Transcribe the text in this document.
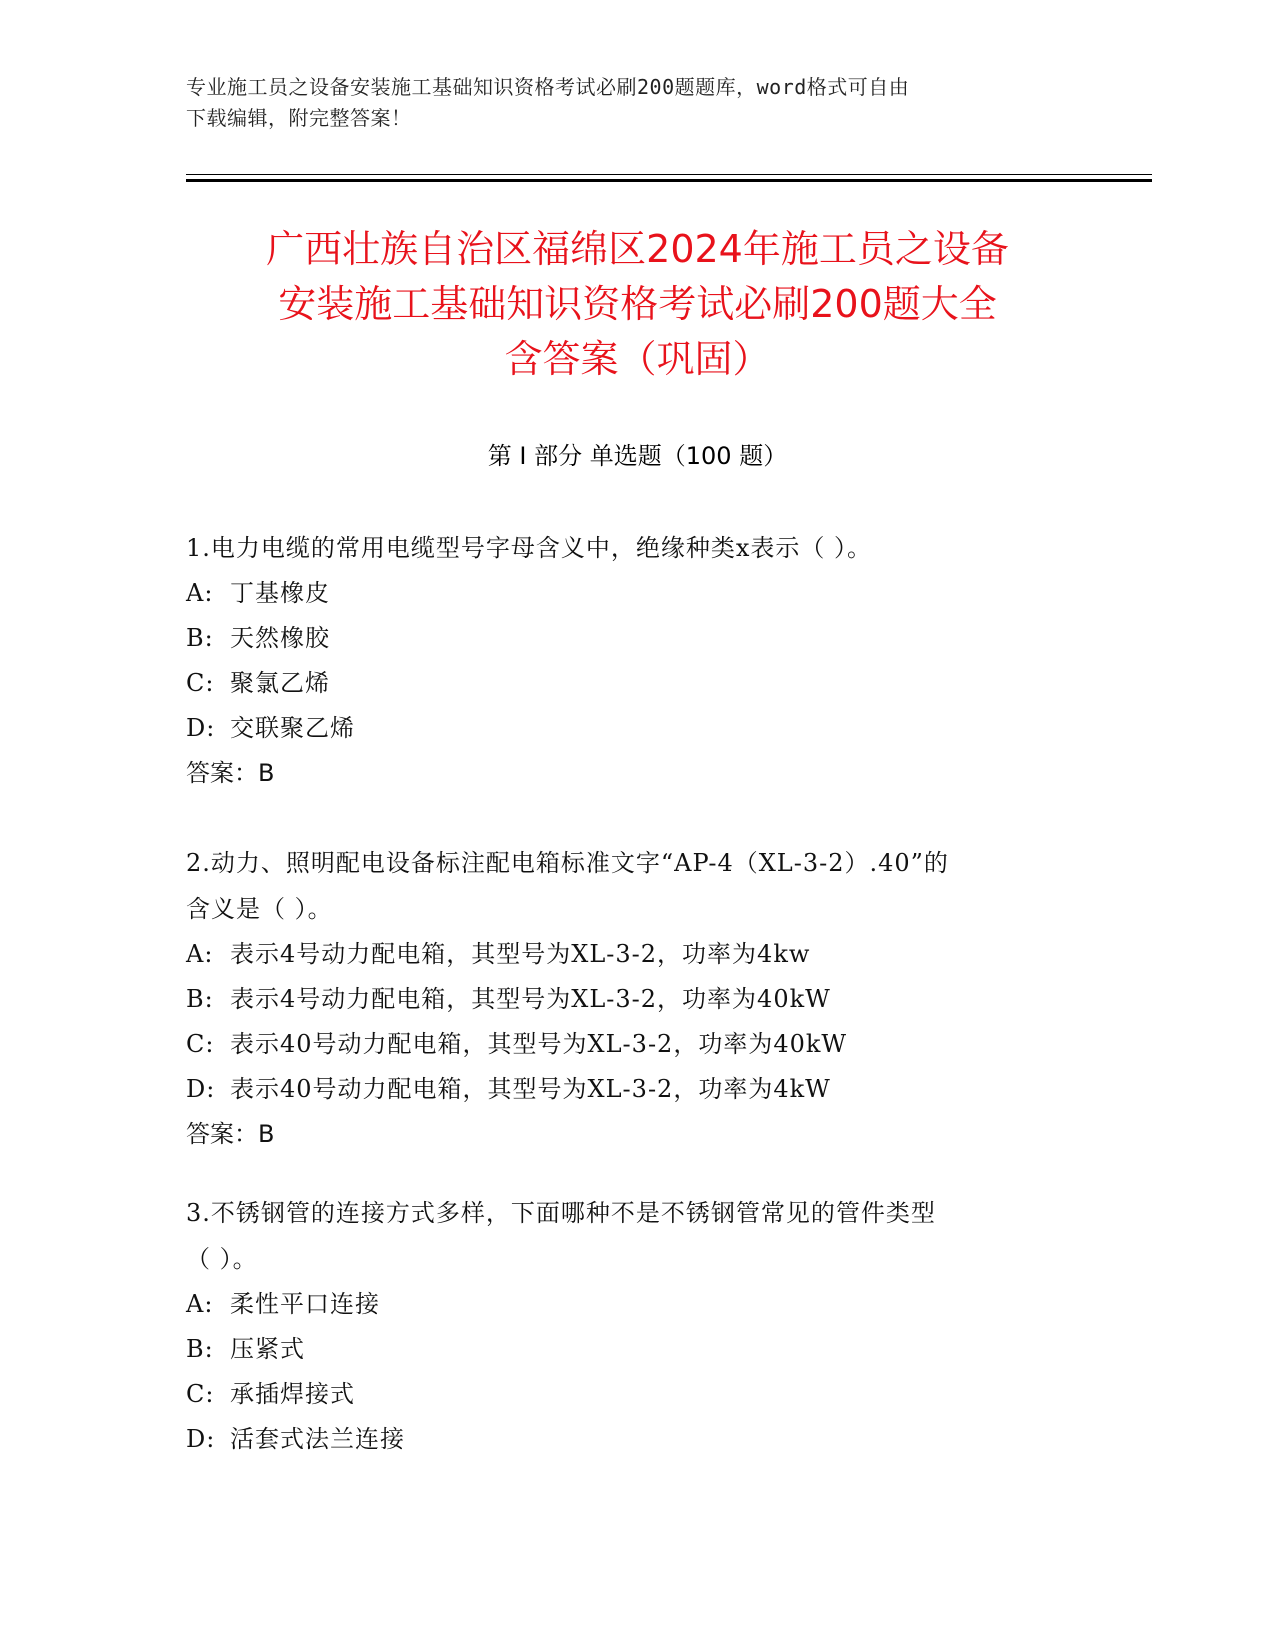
专业施工员之设备安装施工基础知识资格考试必刷200题题库，word格式可自由
下载编辑，附完整答案！
广西壮族自治区福绵区2024年施工员之设备
安装施工基础知识资格考试必刷200题大全
含答案（巩固）
第 I 部分 单选题（100 题）

1.电力电缆的常用电缆型号字母含义中，绝缘种类x表示（ ）。

A: 丁基橡皮

B: 天然橡胶

C: 聚氯乙烯

D: 交联聚乙烯

答案：B

2.动力、照明配电设备标注配电箱标准文字“AP-4（XL-3-2）.40”的

含义是（ ）。

A: 表示4号动力配电箱，其型号为XL-3-2，功率为4kw

B: 表示4号动力配电箱，其型号为XL-3-2，功率为40kW

C: 表示40号动力配电箱，其型号为XL-3-2，功率为40kW

D: 表示40号动力配电箱，其型号为XL-3-2，功率为4kW

答案：B

3.不锈钢管的连接方式多样，下面哪种不是不锈钢管常见的管件类型

（ ）。

A: 柔性平口连接

B: 压紧式

C: 承插焊接式

D: 活套式法兰连接
